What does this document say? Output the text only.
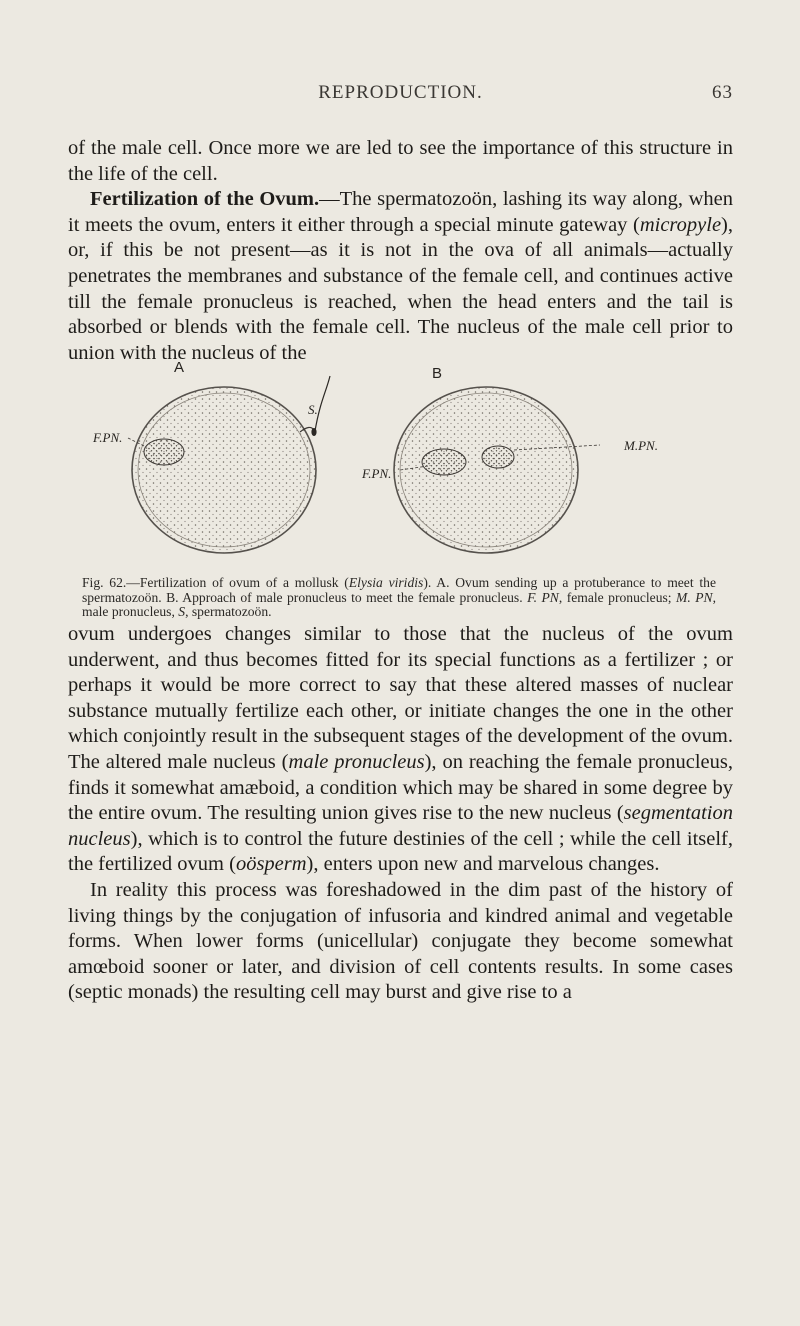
REPRODUCTION.	63

of the male cell. Once more we are led to see the importance of this structure in the life of the cell.

Fertilization of the Ovum.—The spermatozoön, lashing its way along, when it meets the ovum, enters it either through a special minute gateway (micropyle), or, if this be not present—as it is not in the ova of all animals—actually penetrates the membranes and substance of the female cell, and continues active till the female pronucleus is reached, when the head enters and the tail is absorbed or blends with the female cell. The nucleus of the male cell prior to union with the nucleus of the

A	B
F.PN.
S.
F.PN.
M.PN.
Fig. 62.—Fertilization of ovum of a mollusk (Elysia viridis). A. Ovum sending up a protuberance to meet the spermatozoön. B. Approach of male pronucleus to meet the female pronucleus. F. PN, female pronucleus; M. PN, male pronucleus, S, spermatozoön.

ovum undergoes changes similar to those that the nucleus of the ovum underwent, and thus becomes fitted for its special functions as a fertilizer ; or perhaps it would be more correct to say that these altered masses of nuclear substance mutually fertilize each other, or initiate changes the one in the other which conjointly result in the subsequent stages of the development of the ovum. The altered male nucleus (male pronucleus), on reaching the female pronucleus, finds it somewhat amæboid, a condition which may be shared in some degree by the entire ovum. The resulting union gives rise to the new nucleus (segmentation nucleus), which is to control the future destinies of the cell ; while the cell itself, the fertilized ovum (oösperm), enters upon new and marvelous changes.

In reality this process was foreshadowed in the dim past of the history of living things by the conjugation of infusoria and kindred animal and vegetable forms. When lower forms (unicellular) conjugate they become somewhat amœboid sooner or later, and division of cell contents results. In some cases (septic monads) the resulting cell may burst and give rise to a
